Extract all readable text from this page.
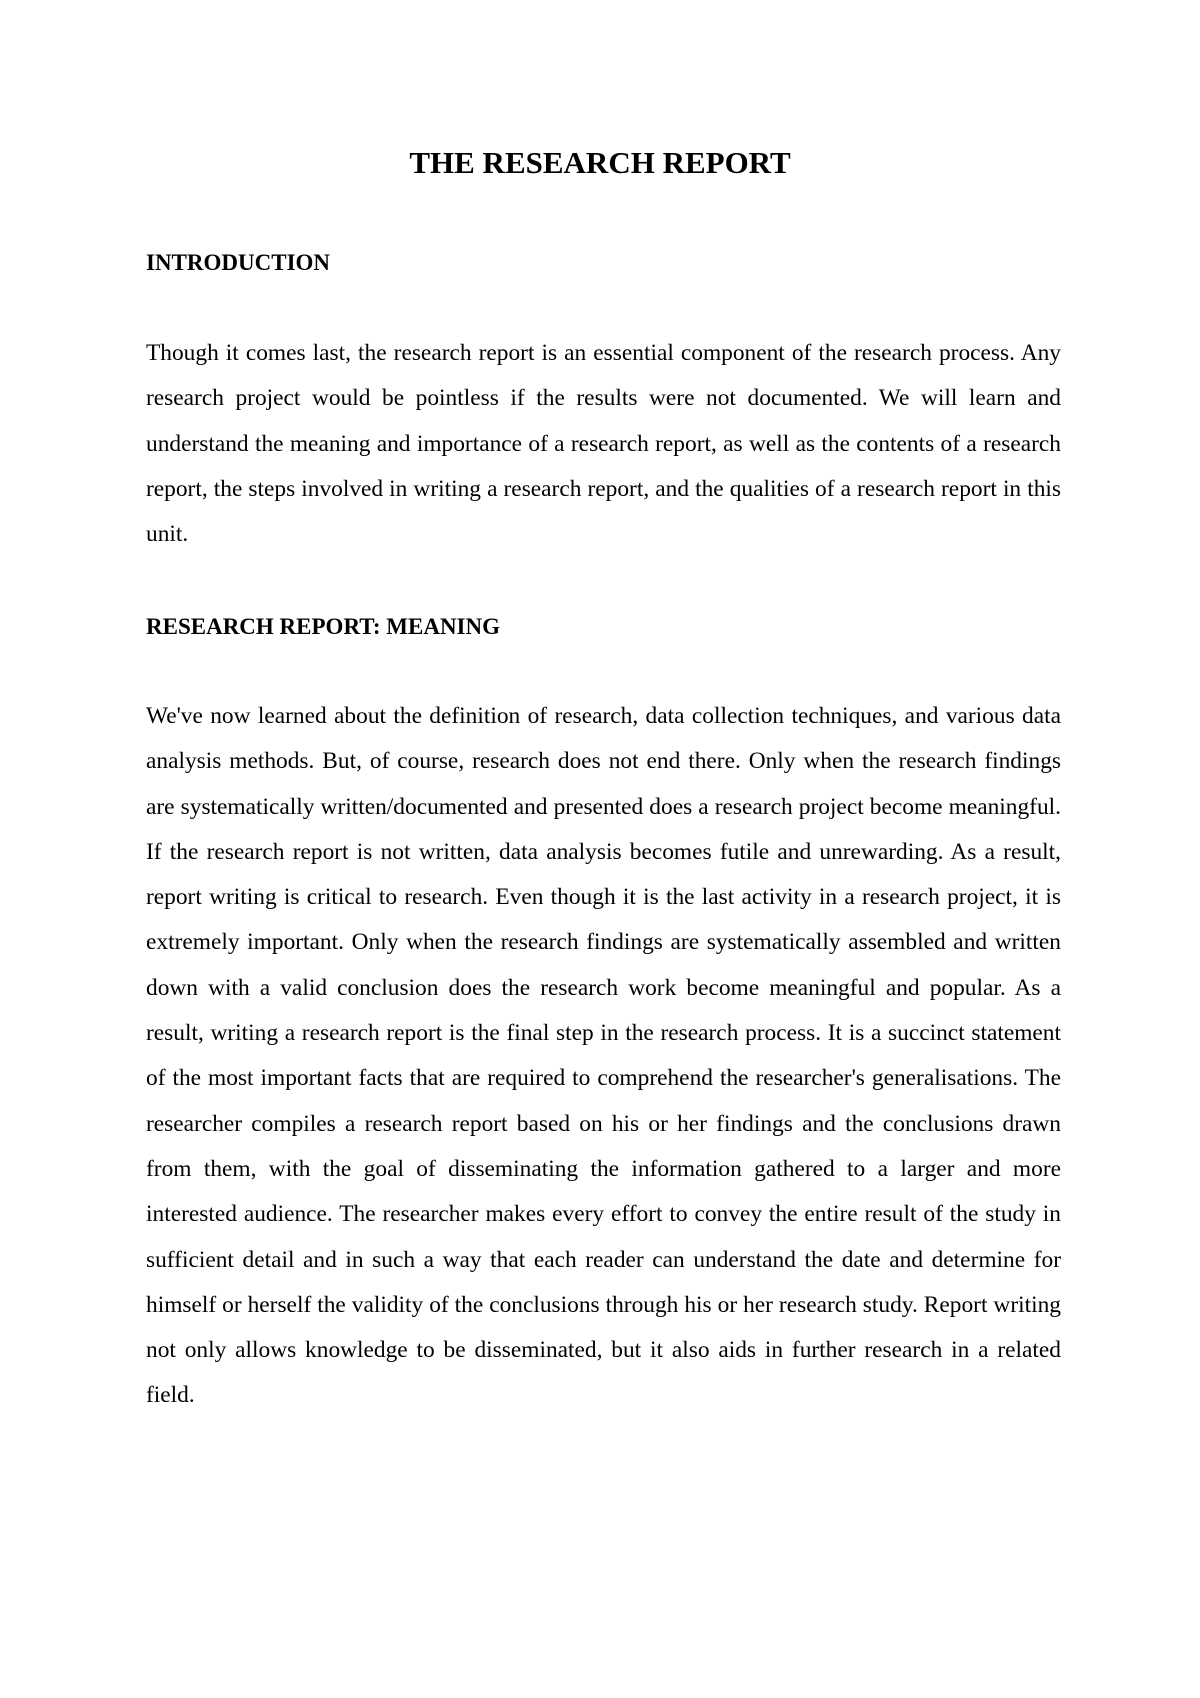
THE RESEARCH REPORT
INTRODUCTION

Though it comes last, the research report is an essential component of the research process. Any research project would be pointless if the results were not documented. We will learn and understand the meaning and importance of a research report, as well as the contents of a research report, the steps involved in writing a research report, and the qualities of a research report in this unit.

RESEARCH REPORT: MEANING

We've now learned about the definition of research, data collection techniques, and various data analysis methods. But, of course, research does not end there. Only when the research findings are systematically written/documented and presented does a research project become meaningful. If the research report is not written, data analysis becomes futile and unrewarding. As a result, report writing is critical to research. Even though it is the last activity in a research project, it is extremely important. Only when the research findings are systematically assembled and written down with a valid conclusion does the research work become meaningful and popular. As a result, writing a research report is the final step in the research process. It is a succinct statement of the most important facts that are required to comprehend the researcher's generalisations. The researcher compiles a research report based on his or her findings and the conclusions drawn from them, with the goal of disseminating the information gathered to a larger and more interested audience. The researcher makes every effort to convey the entire result of the study in sufficient detail and in such a way that each reader can understand the date and determine for himself or herself the validity of the conclusions through his or her research study. Report writing not only allows knowledge to be disseminated, but it also aids in further research in a related field.
